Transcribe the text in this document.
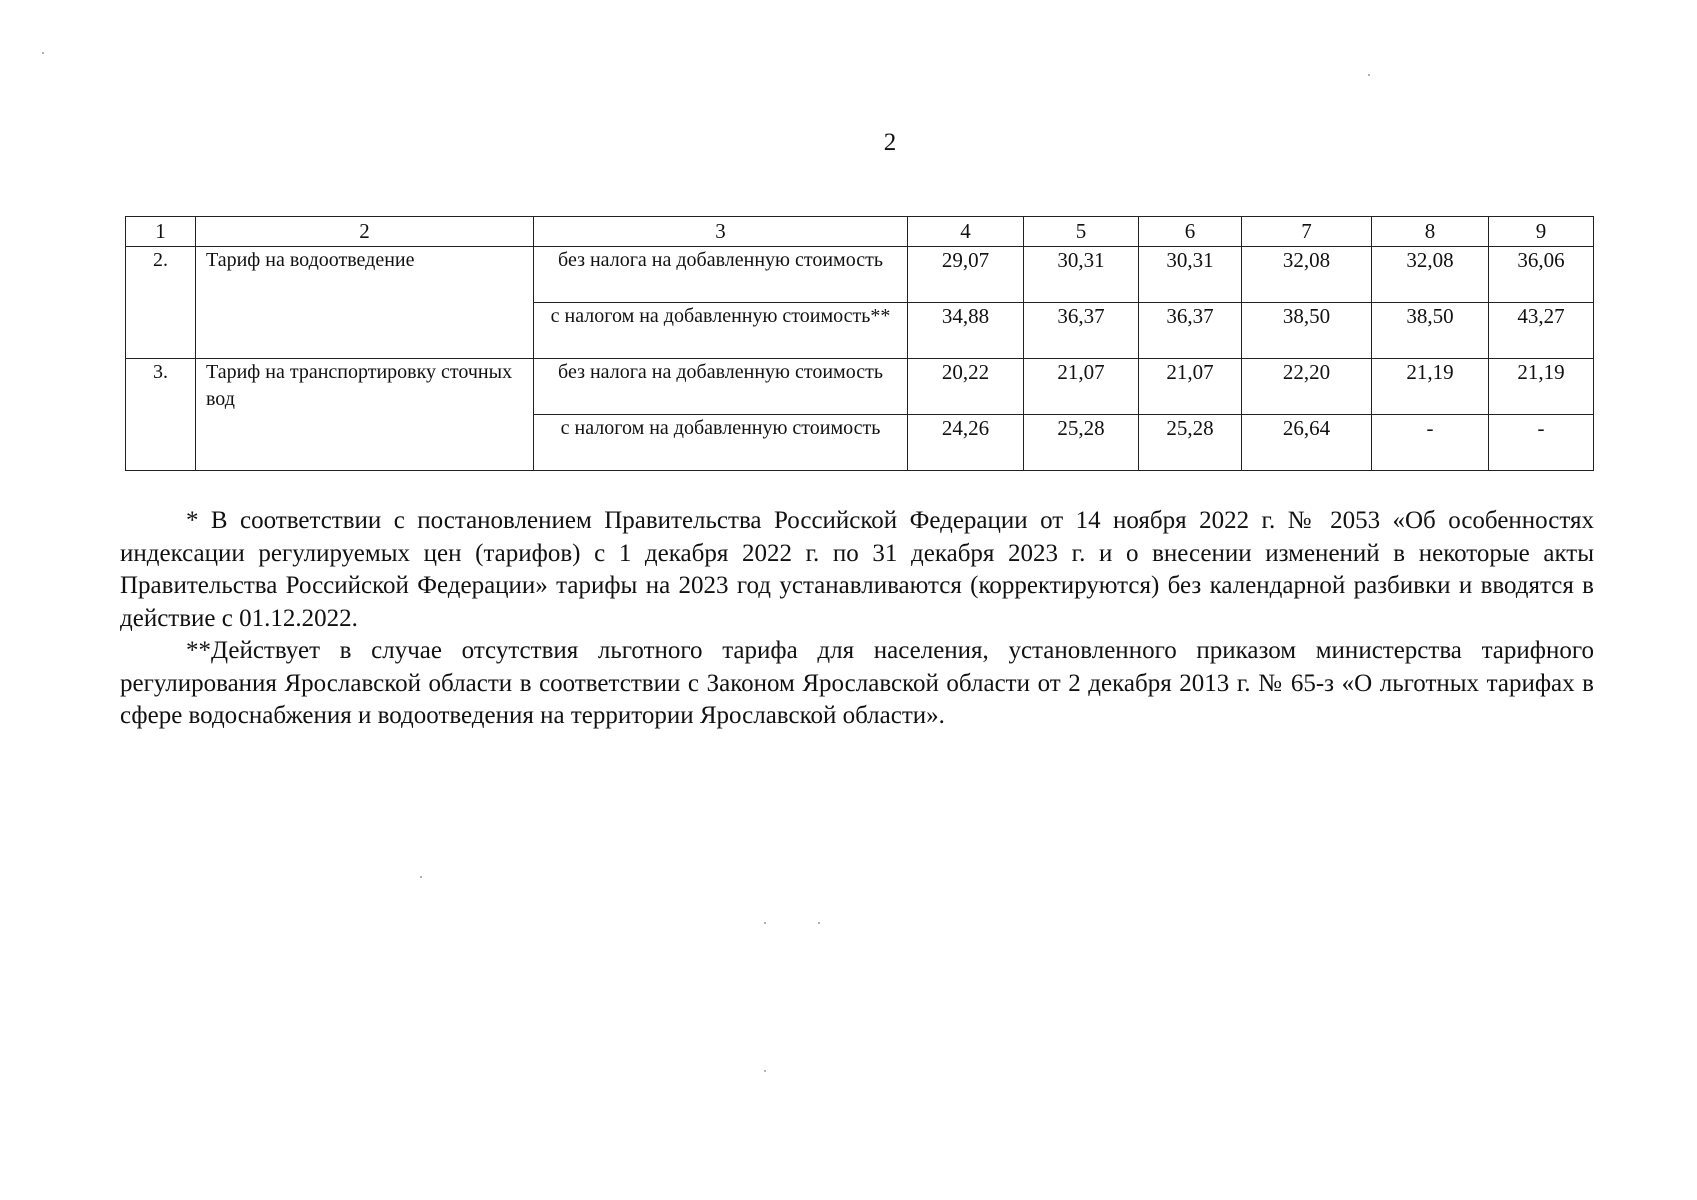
2
1	2	3	4	5	6	7	8	9
2.	Тариф на водоотведение	без налога на добавленную стоимость	29,07	30,31	30,31	32,08	32,08	36,06
		с налогом на добавленную стоимость**	34,88	36,37	36,37	38,50	38,50	43,27
3.	Тариф на транспортировку сточных вод	без налога на добавленную стоимость	20,22	21,07	21,07	22,20	21,19	21,19
		с налогом на добавленную стоимость	24,26	25,28	25,28	26,64	-	-

* В соответствии с постановлением Правительства Российской Федерации от 14 ноября 2022 г. № 2053 «Об особенностях индексации регулируемых цен (тарифов) с 1 декабря 2022 г. по 31 декабря 2023 г. и о внесении изменений в некоторые акты Правительства Российской Федерации» тарифы на 2023 год устанавливаются (корректируются) без календарной разбивки и вводятся в действие с 01.12.2022.

**Действует в случае отсутствия льготного тарифа для населения, установленного приказом министерства тарифного регулирования Ярославской области в соответствии с Законом Ярославской области от 2 декабря 2013 г. № 65-з «О льготных тарифах в сфере водоснабжения и водоотведения на территории Ярославской области».
